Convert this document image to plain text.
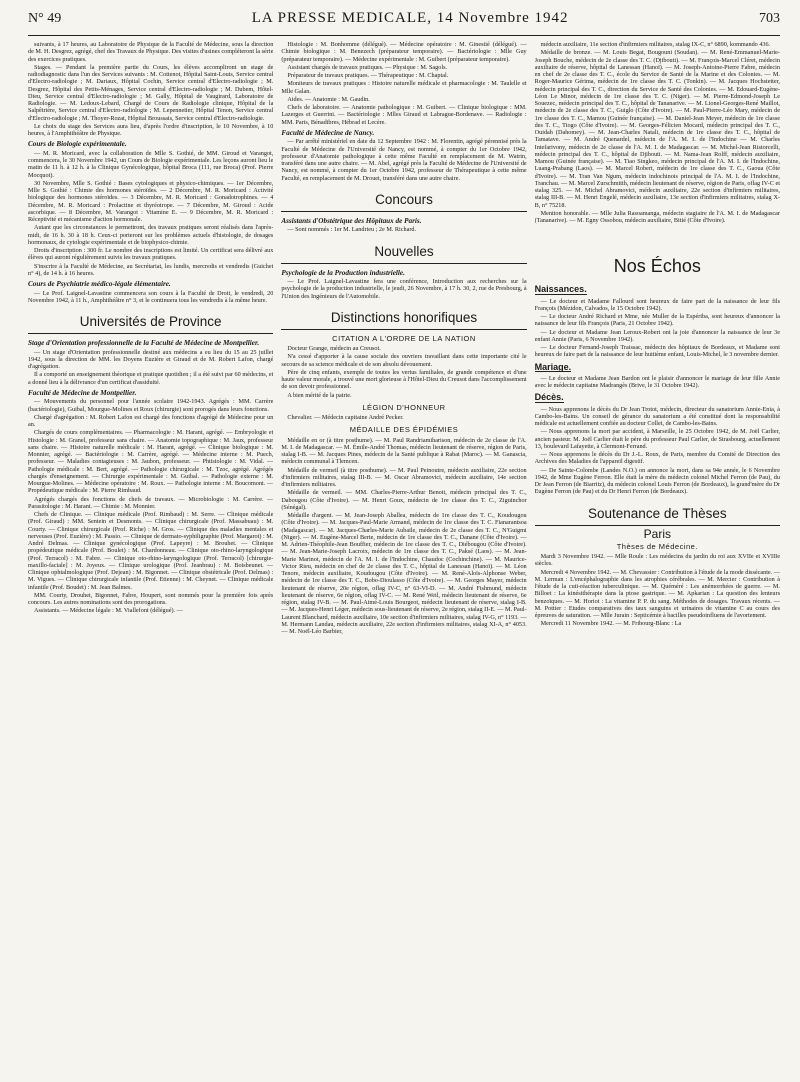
N° 49	LA PRESSE MEDICALE, 14 Novembre 1942	703

suivants, à 17 heures, au Laboratoire de Physique de la Faculté de Médecine, sous la direction de M. H. Desgrez, agrégé, chef des Travaux de Physique. Des visites d'usines compléteront la série des exercices pratiques.

Stages. — Pendant la première partie du Cours, les élèves accompliront un stage de radiodiagnostic dans l'un des Services suivants : M. Cottenot, Hôpital Saint-Louis, Service central d'Electro-radiologie ; M. Dariaux, Hôpital Cochin, Service central d'Electro-radiologie ; M. Desgrez, Hôpital des Petits-Ménages, Service central d'Electro-radiologie ; M. Dubem, Hôtel-Dieu, Service central d'Electro-radiologie ; M. Gally, Hôpital de Vaugirard, Laboratoire de Radiologie. — M. Ledoux-Lebard, Chargé de Cours de Radiologie clinique, Hôpital de la Salpêtrière, Service central d'Electro-radiologie ; M. Lepennetier, Hôpital Tenon, Service central d'Electro-radiologie ; M. Thoyer-Rozat, Hôpital Broussais, Service central d'Electro-radiologie.

Le choix du stage des Services aura lieu, d'après l'ordre d'inscription, le 10 Novembre, à 10 heures, à l'Amphithéâtre de Physique.

Cours de Biologie expérimentale.

— M. R. Moricard, avec la collaboration de Mlle S. Gothié, de MM. Giroud et Varangot, commencera, le 30 Novembre 1942, un Cours de Biologie expérimentale. Les leçons auront lieu le matin de 11 h. à 12 h. à la Clinique Gynécologique, hôpital Broca (111, rue Broca) (Prof. Pierre Mocquot).

30 Novembre, Mlle S. Gothié : Bases cytologiques et physico-chimiques. — 1er Décembre, Mlle S. Gothié : Chimie des hormones stéroïdes. — 2 Décembre, M. R. Moricard : Activité biologique des hormones stéroïdes. — 3 Décembre, M. R. Moricard : Gonadotrophines. — 4 Décembre, M. R. Moricard : Prolactine et thyréotrope. — 7 Décembre, M. Giroud : Acide ascorbique. — 8 Décembre, M. Varangot : Vitamine E. — 9 Décembre, M. R. Moricard : Réceptivité et mécanisme d'action hormonale.

Autant que les circonstances le permettront, des travaux pratiques seront réalisés dans l'après-midi, de 16 h. 30 à 18 h. Ceux-ci porteront sur les problèmes actuels d'histologie, de dosages hormonaux, de cytologie expérimentale et de biophysico-chimie.

Droits d'inscription : 300 fr. Le nombre des inscriptions est limité. Un certificat sera délivré aux élèves qui auront régulièrement suivis les travaux pratiques.

S'inscrire à la Faculté de Médecine, au Secrétariat, les lundis, mercredis et vendredis (Guichet n° 4), de 14 h. à 16 heures.

Cours de Psychiatrie médico-légale élémentaire.

— Le Prof. Laignel-Lavastine commencera son cours à la Faculté de Droit, le vendredi, 20 Novembre 1942, à 11 h., Amphithéâtre n° 3, et le continuera tous les vendredis à la même heure.

Universités de Province
Stage d'Orientation professionnelle de la Faculté de Médecine de Montpellier.

— Un stage d'Orientation professionnelle destiné aux médecins a eu lieu du 15 au 25 juillet 1942, sous la direction de MM. les Doyens Euzière et Giraud et de M. Robert Lafon, chargé d'agrégation.

Il a comporté un enseignement théorique et pratique quotidien ; il a été suivi par 60 médecins, et a donné lieu à la délivrance d'un certificat d'assiduité.

Faculté de Médecine de Montpellier.

— Mouvements du personnel pour l'année scolaire 1942-1943. Agrégés : MM. Carrère (bactériologie), Guibal, Mourgue-Molines et Roux (chirurgie) sont prorogés dans leurs fonctions.

Chargé d'agrégation : M. Robert Lafon est chargé des fonctions d'agrégé de Médecine pour un an.

Chargés de cours complémentaires. — Pharmacologie : M. Harant, agrégé. — Embryologie et Histologie : M. Granel, professeur sans chaire. — Anatomie topographique : M. Jaux, professeur sans chaire. — Histoire naturelle médicale : M. Harant, agrégé. — Clinique biologique : M. Monnier, agrégé. — Bactériologie : M. Carrère, agrégé. — Médecine interne : M. Puech, professeur. — Maladies contagieuses : M. Jaubon, professeur. — Phtisiologie : M. Vidal. — Pathologie médicale : M. Bert, agrégé. — Pathologie chirurgicale : M. Tzoc, agrégé. Agrégés chargés d'enseignement. — Chirurgie expérimentale : M. Guibal. — Pathologie externe : M. Mourgue-Molines. — Médecine opératoire : M. Roux. — Pathologie interne : M. Boucomont. — Propédeutique médicale : M. Pierre Rimbaud.

Agrégés chargés des fonctions de chefs de travaux. — Microbiologie : M. Carrère. — Parasitologie : M. Harant. — Chimie : M. Monnier.

Chefs de Clinique. — Clinique médicale (Prof. Rimbaud) : M. Serre. — Clinique médicale (Prof. Giraud) : MM. Sentein et Desmonts. — Clinique chirurgicale (Prof. Massabuau) : M. Courty. — Clinique chirurgicale (Prof. Riche) : M. Gros. — Clinique des maladies mentales et nerveuses (Prof. Euzière) : M. Passio. — Clinique de dermato-syphiligraphie (Prof. Margarot) : M. André Delmas. — Clinique gynécologique (Prof. Lapeyre) : M. Brouhet. — Clinique propédeutique médicale (Prof. Boulet) : M. Chardonneau. — Clinique oto-rhino-laryngologique (Prof. Terracol) : M. Fabre. — Clinique oto-rhino-laryngologique (Prof. Terracol) [chirurgie-maxillo-faciale] : M. Joyeux. — Clinique urologique (Prof. Jeanbrau) : M. Boisbeunet. — Clinique ophtalmologique (Prof. Dejean) : M. Bigonnet. — Clinique obstétricale (Prof. Delmas) : M. Vigues. — Clinique chirurgicale infantile (Prof. Etienne) : M. Cheynet. — Clinique médicale infantile (Prof. Boudet) : M. Jean Balmes.

MM. Courty, Drouhet, Bigonnet, Fabre, Houpert, sont nommés pour la première fois après concours. Les autres nominations sont des prorogations.

Assistants. — Médecine légale : M. Viallefont (délégué). —

Histologie : M. Bonhomme (délégué). — Médecine opératoire : M. Ginestié (délégué). — Chimie biologique : M. Benezech (préparateur temporaire). — Bactériologie : Mlle Guy (préparateur temporaire). — Médecine expérimentale : M. Guibert (préparateur temporaire).

Assistant chargés de travaux pratiques. — Physique : M. Sagols.

Préparateur de travaux pratiques. — Thérapeutique : M. Chaptal.

Moniteurs de travaux pratiques : Histoire naturelle médicale et pharmacologie : M. Taulelle et Mlle Galan.

Aides. — Anatomie : M. Gaudin.

Chefs de laboratoire. — Anatomie pathologique : M. Guibert. — Clinique biologique : MM. Lazerges et Guerrini. — Bactériologie : Mlles Giraud et Labrague-Bordenave. — Radiologie : MM. Paris, Bénadibres, Hébrad et Lecère.

Faculté de Médecine de Nancy.

— Par arrêté ministériel en date du 12 Septembre 1942 : M. Florentin, agrégé pérennisé près la Faculté de Médecine de l'Université de Nancy, est nommé, à compter du 1er Octobre 1942, professeur d'Anatomie pathologique à cette même Faculté en remplacement de M. Watrin, transféré dans une autre chaire. — M. Abel, agrégé près la Faculté de Médecine de l'Université de Nancy, est nommé, à compter du 1er Octobre 1942, professeur de Thérapeutique à cette même Faculté, en remplacement de M. Drouet, transféré dans une autre chaire.

Concours
Assistants d'Obstétrique des Hôpitaux de Paris.

— Sont nommés : 1er M. Landrieu ; 2e M. Richard.

Nouvelles
Psychologie de la Production industrielle.

— Le Prof. Laignel-Lavastine fera une conférence, Introduction aux recherches sur la psychologie de la production industrielle, le jeudi, 26 Novembre, à 17 h. 30, 2, rue de Presbourg, à l'Union des Ingénieurs de l'Automobile.

Distinctions honorifiques
CITATION A L'ORDRE DE LA NATION

Docteur Grange, médecin au Creusot.

N'a cessé d'apporter à la cause sociale des ouvriers travaillant dans cette importante cité le secours de sa science médicale et de son absolu dévouement.

Père de cinq enfants, exemple de toutes les vertus familiales, de grande compétence et d'une haute valeur morale, a trouvé une mort glorieuse à l'Hôtel-Dieu du Creusot dans l'accomplissement de son devoir professionnel.

A bien mérité de la patrie.

LÉGION D'HONNEUR

Chevalier. — Médecin capitaine André Pecker.

MÉDAILLE DES ÉPIDÉMIES

Médaille en or (à titre posthume). — M. Paul Randriamiharison, médecin de 2e classe de l'A. M. I. de Madagascar. — M. Émile-André Thomas, médecin lieutenant de réserve, région de Paris, stalag I-B. — M. Jacques Pines, médecin de la Santé publique à Rabat (Maroc). — M. Ganascia, médecin communal à Tlemcen.

Médaille de vermeil (à titre posthume). — M. Paul Peinoutre, médecin auxiliaire, 22e section d'infirmiers militaires, stalag III-B. — M. Oscar Abramovici, médecin auxiliaire, 14e section d'infirmiers militaires.

Médaille de vermeil. — MM. Charles-Pierre-Arthur Benoit, médecin principal des T. C., Dabougou (Côte d'Ivoire). — M. Henri Goux, médecin de 1re classe des T. C., Ziguinchor (Sénégal).

Médaille d'argent. — M. Jean-Joseph Aballea, médecin de 1re classe des T. C., Koudougou (Côte d'Ivoire). — M. Jacques-Paul-Marie Armand, médecin de 1re classe des T. C. Fianarantsoa (Madagascar). — M. Jacques-Charles-Marie Aubaile, médecin de 2e classe des T. C., N'Guigmi (Niger). — M. Eugène-Marcel Berte, médecin de 1re classe des T. C., Danane (Côte d'Ivoire). — M. Adrien-Théophile-Jean Bouffier, médecin de 1re classe des T. C., Diébougou (Côte d'Ivoire). — M. Jean-Marie-Joseph Lacroix, médecin de 1re classe des T. C., Paksé (Laos). — M. Jean-Marie Marinot, médecin de l'A. M. I. de l'Indochine, Chaudoc (Cochinchine). — M. Maurice-Victor Rieu, médecin en chef de 2e classe des T. C., hôpital de Lanessan (Hanoï). — M. Léon Tenore, médecin auxiliaire, Koudougou (Côte d'Ivoire). — M. René-Aloïs-Alphonse Weber, médecin de 1re classe des T. C., Bobo-Dioulasso (Côte d'Ivoire). — M. Georges Mayer, médecin lieutenant de réserve, 20e région, oflag IV-C, n° 63-VI-D. — M. André Fishmund, médecin lieutenant de réserve, 6e région, oflag IV-C. — M. René Weil, médecin lieutenant de réserve, 6e région, stalag IV-B. — M. Paul-Aimé-Louis Bourgeot, médecin lieutenant de réserve, stalag I-B. — M. Jacques-Henri Léger, médecin sous-lieutenant de réserve, 2e région, stalag II-E. — M. Paul-Laurent Blanchard, médecin auxiliaire, 10e section d'infirmiers militaires, stalag IV-G, n° 1193. — M. Hermann Landau, médecin auxiliaire, 22e section d'infirmiers militaires, stalag XI-A, n° 4053. — M. Noël-Léo Barbier,

médecin auxiliaire, 11e section d'infirmiers militaires, stalag IX-C, n° 6890, kommando 436.

Médaille de bronze. — M. Louis Begat, Bougouni (Soudan). — M. René-Emmanuel-Marie-Joseph Bouche, médecin de 2e classe des T. C. (Djibouti). — M. François-Marcel Cléret, médecin auxiliaire de réserve, hôpital de Lanessan (Hanoï). — M. Joseph-Antoine-Pierre Fabre, médecin en chef de 2e classe des T. C., école du Service de Santé de la Marine et des Colonies. — M. Roger-Maurice Gérima, médecin de 1re classe des T. C. (Tonkin). — M. Jacques Hochstetter, médecin principal des T. C., direction du Service de Santé des Colonies. — M. Edouard-Eugène-Léon Le Minor, médecin de 1re classe des T. C. (Niger). — M. Pierre-Edmond-Joseph Le Souezec, médecin principal des T. C., hôpital de Tananarive. — M. Lionel-Georges-René Maillot, médecin de 2e classe des T. C., Guiglo (Côte d'Ivoire). — M. Paul-Pierre-Léo Mary, médecin de 1re classe des T. C., Mamou (Guinée française). — M. Daniel-Jean Meyer, médecin de 1re classe des T. C., Tiogo (Côte d'Ivoire). — M. Georges-Félicien Mocard, médecin principal des T. C., Ouidah (Dahomey). — M. Jean-Charles Natali, médecin de 1re classe des T. C., hôpital de Tamatave. — M. André Quenardel, médecin de l'A. M. I. de l'Indochine — M. Charles Intefarivony, médecin de 2e classe de l'A. M. I. de Madagascar. — M. Michel-Jean Ristorcelli, médecin principal des T. C., hôpital de Djibouti. — M. Nama-Jean Rolff, médecin auxiliaire, Mamou (Guinée française). — M. Tiao Singkeo, médecin principal de l'A. M. I. de l'Indochine, Luang-Prabang (Laos). — M. Marcel Robert, médecin de 1re classe des T. C., Gaoua (Côte d'Ivoire). — M. Tran Van Ngum, médecin indochinois principal de l'A. M. I. de l'Indochine, Tranchau. — M. Marcel Zurschmitth, médecin lieutenant de réserve, région de Paris, oflag IV-C et stalag 325. — M. Michel Abramovici, médecin auxiliaire, 22e section d'infirmiers militaires, stalag III-B. — M. Henri Engelé, médecin auxiliaire, 13e section d'infirmiers militaires, stalag X-B, n° 75218.

Mention honorable. — Mlle Julia Rasoamanga, médecin stagiaire de l'A. M. I. de Madagascar (Tananarive). — M. Egny Ossobou, médecin auxiliaire, Bitié (Côte d'Ivoire).

Nos Échos
Naissances.

— Le docteur et Madame Fallourd sont heureux de faire part de la naissance de leur fils François (Mézidon, Calvados, le 15 Octobre 1942).

— Le docteur André Richard et Mme, née Muller de la Espériba, sont heureux d'annoncer la naissance de leur fils François (Paris, 21 Octobre 1942).

— Le docteur et Madame Jean Leroux-Robert ont la joie d'annoncer la naissance de leur 3e enfant Annie (Paris, 6 Novembre 1942).

— Le docteur Fernand-Joseph Traissac, médecin des hôpitaux de Bordeaux, et Madame sont heureux de faire part de la naissance de leur huitième enfant, Louis-Michel, le 3 novembre dernier.

Mariage.

— Le docteur et Madame Jean Bardon ont le plaisir d'annoncer le mariage de leur fille Annie avec le médecin capitaine Madrangès (Brive, le 31 Octobre 1942).

Décès.

— Nous apprenons le décès du Dr Jean Trotot, médecin, directeur du sanatorium Annie-Enia, à Cambo-les-Bains. Un conseil de gérance du sanatorium a été constitué dont la responsabilité médicale est actuellement confiée au docteur Collet, de Cambo-les-Bains.

— Nous apprenons la mort par accident, à Marseille, le 25 Octobre 1942, de M. Joël Carlier, ancien pasteur. M. Joël Carlier était le père du professeur Paul Carlier, de Strasbourg, actuellement 13, boulevard Lafayette, à Clermont-Ferrand.

— Nous apprenons le décès du Dr J.-L. Roux, de Paris, membre du Comité de Direction des Archives des Maladies de l'appareil digestif.

— De Sainte-Colombe (Landes N.O.) on annonce la mort, dans sa 94e année, le 6 Novembre 1942, de Mme Eugène Ferron. Elle était la mère du médecin colonel Michel Ferron (de Pau), du Dr Jean Ferron (de Biarritz), du médecin colonel Louis Ferron (de Bordeaux), la grand'mère du Dr Eugène Ferron (de Pau) et du Dr Henri Ferron (de Bordeaux).

Soutenance de Thèses
Paris
Thèses de Médecine.

Mardi 3 Novembre 1942. — Mlle Roule : Les médecins du jardin du roi aux XVIIe et XVIIIe siècles.

Mercredi 4 Novembre 1942. — M. Chevassier : Contribution à l'étude de la mode dissécante. — M. Lerman : L'encéphalographie dans les atrophies cérébrales. — M. Mercier : Contribution à l'étude de la cuti-réaction tuberculinique. — M. Quéméré : Les anémorrhées de guerre. — M. Billoet : La kinésithérapie dans la ptose gastrique. — M. Apkarian : La question des lenteurs benzoïques. — M. Horiot : La vitamine P. P. du sang. Méthodes de dosages. Travaux récents. — M. Pottier : Etudes comparatives des taux sanguins et urinaires de vitamine C au cours des épreuves de saturation. — Mlle Jurain : Septicémie à bacilles pseudoinfluens de l'avortement.

Mercredi 11 Novembre 1942. — M. Fribourg-Blanc : La
